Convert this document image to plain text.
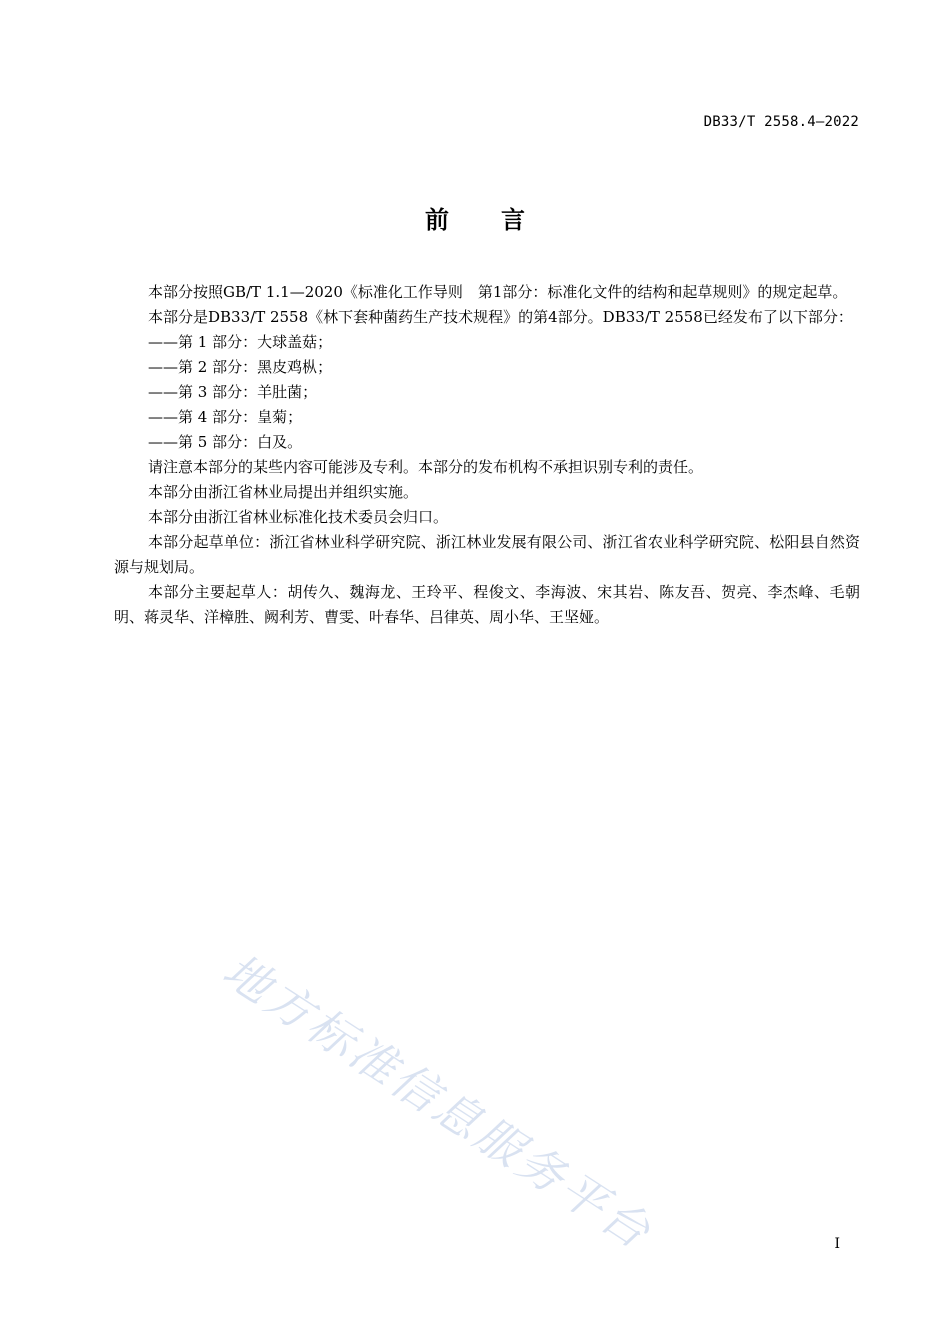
DB33/T 2558.4—2022
前言

本部分按照GB/T 1.1—2020《标准化工作导则　第1部分：标准化文件的结构和起草规则》的规定起草。

本部分是DB33/T 2558《林下套种菌药生产技术规程》的第4部分。DB33/T 2558已经发布了以下部分：

——第 1 部分：大球盖菇；

——第 2 部分：黑皮鸡枞；

——第 3 部分：羊肚菌；

——第 4 部分：皇菊；

——第 5 部分：白及。

请注意本部分的某些内容可能涉及专利。本部分的发布机构不承担识别专利的责任。

本部分由浙江省林业局提出并组织实施。

本部分由浙江省林业标准化技术委员会归口。

本部分起草单位：浙江省林业科学研究院、浙江林业发展有限公司、浙江省农业科学研究院、松阳县自然资源与规划局。

本部分主要起草人：胡传久、魏海龙、王玲平、程俊文、李海波、宋其岩、陈友吾、贺亮、李杰峰、毛朝明、蒋灵华、洋樟胜、阙利芳、曹雯、叶春华、吕律英、周小华、王坚娅。

地方标准信息服务平台	I
